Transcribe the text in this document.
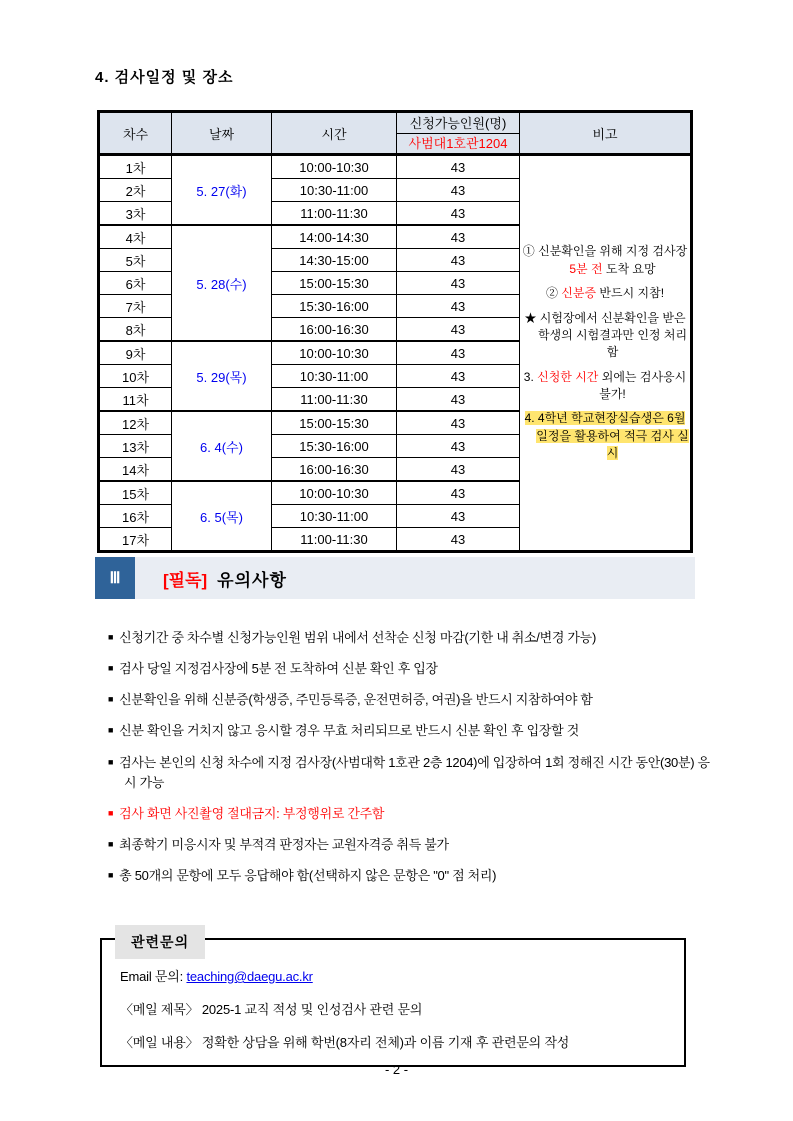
4. 검사일정 및 장소
차수	날짜	시간	신청가능인원(명)
사범대1호관1204	비고
1차	5. 27(화)	10:00-10:30	43	① 신분확인을 위해 지정 검사장 5분 전 도착 요망
② 신분증 반드시 지참!
★ 시험장에서 신분확인을 받은 학생의 시험결과만 인정 처리함
3. 신청한 시간 외에는 검사응시 불가!
4. 4학년 학교현장실습생은 6월 일정을 활용하여 적극 검사 실시

2차		10:30-11:00	43	
3차		11:00-11:30	43	
4차	5. 28(수)	14:00-14:30	43	
5차		14:30-15:00	43	
6차		15:00-15:30	43	
7차		15:30-16:00	43	
8차		16:00-16:30	43	
9차	5. 29(목)	10:00-10:30	43	
10차		10:30-11:00	43	
11차		11:00-11:30	43	
12차	6. 4(수)	15:00-15:30	43	
13차		15:30-16:00	43	
14차		16:00-16:30	43	
15차	6. 5(목)	10:00-10:30	43	
16차		10:30-11:00	43	
17차		11:00-11:30	43	
Ⅲ	[필독] 유의사항
■ 신청기간 중 차수별 신청가능인원 범위 내에서 선착순 신청 마감(기한 내 취소/변경 가능)
■ 검사 당일 지정검사장에 5분 전 도착하여 신분 확인 후 입장
■ 신분확인을 위해 신분증(학생증, 주민등록증, 운전면허증, 여권)을 반드시 지참하여야 함
■ 신분 확인을 거치지 않고 응시할 경우 무효 처리되므로 반드시 신분 확인 후 입장할 것
■ 검사는 본인의 신청 차수에 지정 검사장(사범대학 1호관 2층 1204)에 입장하여 1회 정해진 시간 동안(30분) 응시 가능
■ 검사 화면 사진촬영 절대금지: 부정행위로 간주함
■ 최종학기 미응시자 및 부적격 판정자는 교원자격증 취득 불가
■ 총 50개의 문항에 모두 응답해야 함(선택하지 않은 문항은 "0" 점 처리)
관련문의

Email 문의: teaching@daegu.ac.kr

〈메일 제목〉 2025-1 교직 적성 및 인성검사 관련 문의

〈메일 내용〉 정확한 상담을 위해 학번(8자리 전체)과 이름 기재 후 관련문의 작성

- 2 -
